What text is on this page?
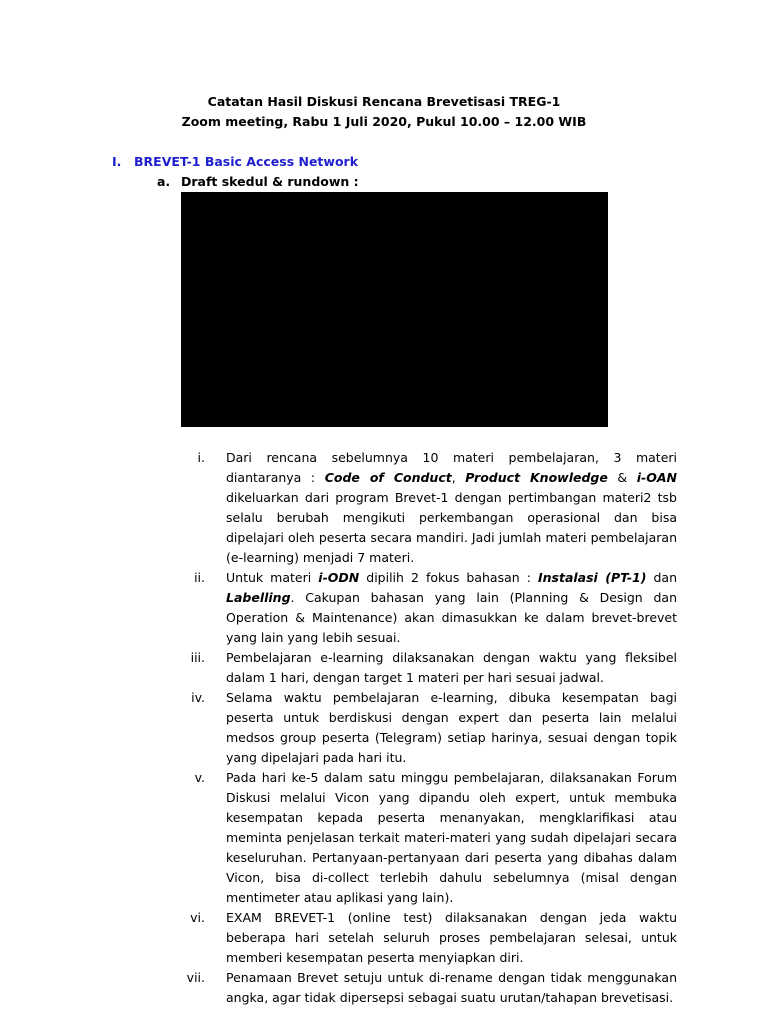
Catatan Hasil Diskusi Rencana Brevetisasi TREG-1
Zoom meeting, Rabu 1 Juli 2020, Pukul 10.00 – 12.00 WIB
I. BREVET-1 Basic Access Network
a. Draft skedul & rundown :
i. Dari rencana sebelumnya 10 materi pembelajaran, 3 materi diantaranya : Code of Conduct, Product Knowledge & i-OAN dikeluarkan dari program Brevet-1 dengan pertimbangan materi2 tsb selalu berubah mengikuti perkembangan operasional dan bisa dipelajari oleh peserta secara mandiri. Jadi jumlah materi pembelajaran (e-learning) menjadi 7 materi.
ii. Untuk materi i-ODN dipilih 2 fokus bahasan : Instalasi (PT-1) dan Labelling. Cakupan bahasan yang lain (Planning & Design dan Operation & Maintenance) akan dimasukkan ke dalam brevet-brevet yang lain yang lebih sesuai.
iii. Pembelajaran e-learning dilaksanakan dengan waktu yang fleksibel dalam 1 hari, dengan target 1 materi per hari sesuai jadwal.
iv. Selama waktu pembelajaran e-learning, dibuka kesempatan bagi peserta untuk berdiskusi dengan expert dan peserta lain melalui medsos group peserta (Telegram) setiap harinya, sesuai dengan topik yang dipelajari pada hari itu.
v. Pada hari ke-5 dalam satu minggu pembelajaran, dilaksanakan Forum Diskusi melalui Vicon yang dipandu oleh expert, untuk membuka kesempatan kepada peserta menanyakan, mengklarifikasi atau meminta penjelasan terkait materi-materi yang sudah dipelajari secara keseluruhan. Pertanyaan-pertanyaan dari peserta yang dibahas dalam Vicon, bisa di-collect terlebih dahulu sebelumnya (misal dengan mentimeter atau aplikasi yang lain).
vi. EXAM BREVET-1 (online test) dilaksanakan dengan jeda waktu beberapa hari setelah seluruh proses pembelajaran selesai, untuk memberi kesempatan peserta menyiapkan diri.
vii. Penamaan Brevet setuju untuk di-rename dengan tidak menggunakan angka, agar tidak dipersepsi sebagai suatu urutan/tahapan brevetisasi.
